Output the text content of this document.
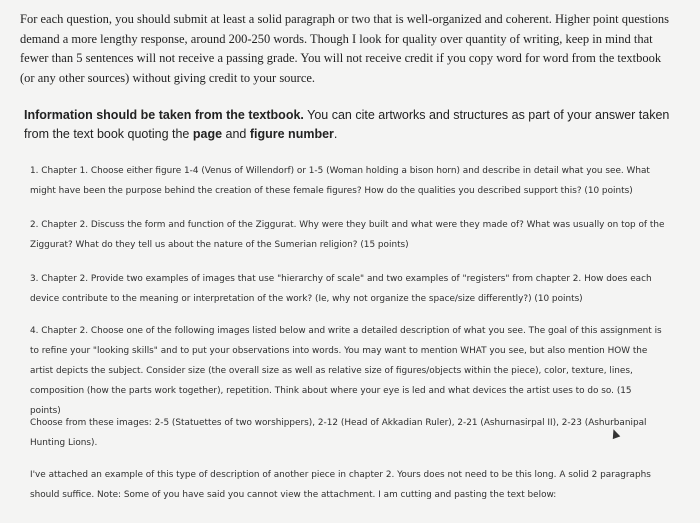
For each question, you should submit at least a solid paragraph or two that is well-organized and coherent. Higher point questions demand a more lengthy response, around 200-250 words. Though I look for quality over quantity of writing, keep in mind that fewer than 5 sentences will not receive a passing grade. You will not receive credit if you copy word for word from the textbook (or any other sources) without giving credit to your source.

Information should be taken from the textbook. You can cite artworks and structures as part of your answer taken from the text book quoting the page and figure number.

1. Chapter 1. Choose either figure 1-4 (Venus of Willendorf) or 1-5 (Woman holding a bison horn) and describe in detail what you see. What might have been the purpose behind the creation of these female figures? How do the qualities you described support this? (10 points)

2. Chapter 2. Discuss the form and function of the Ziggurat. Why were they built and what were they made of? What was usually on top of the Ziggurat? What do they tell us about the nature of the Sumerian religion? (15 points)

3. Chapter 2. Provide two examples of images that use "hierarchy of scale" and two examples of "registers" from chapter 2. How does each device contribute to the meaning or interpretation of the work? (Ie, why not organize the space/size differently?) (10 points)

4. Chapter 2. Choose one of the following images listed below and write a detailed description of what you see. The goal of this assignment is to refine your "looking skills" and to put your observations into words. You may want to mention WHAT you see, but also mention HOW the artist depicts the subject. Consider size (the overall size as well as relative size of figures/objects within the piece), color, texture, lines, composition (how the parts work together), repetition. Think about where your eye is led and what devices the artist uses to do so. (15 points)

Choose from these images: 2-5 (Statuettes of two worshippers), 2-12 (Head of Akkadian Ruler), 2-21 (Ashurnasirpal II), 2-23 (Ashurbanipal Hunting Lions).

I've attached an example of this type of description of another piece in chapter 2. Yours does not need to be this long. A solid 2 paragraphs should suffice. Note: Some of you have said you cannot view the attachment. I am cutting and pasting the text below:
